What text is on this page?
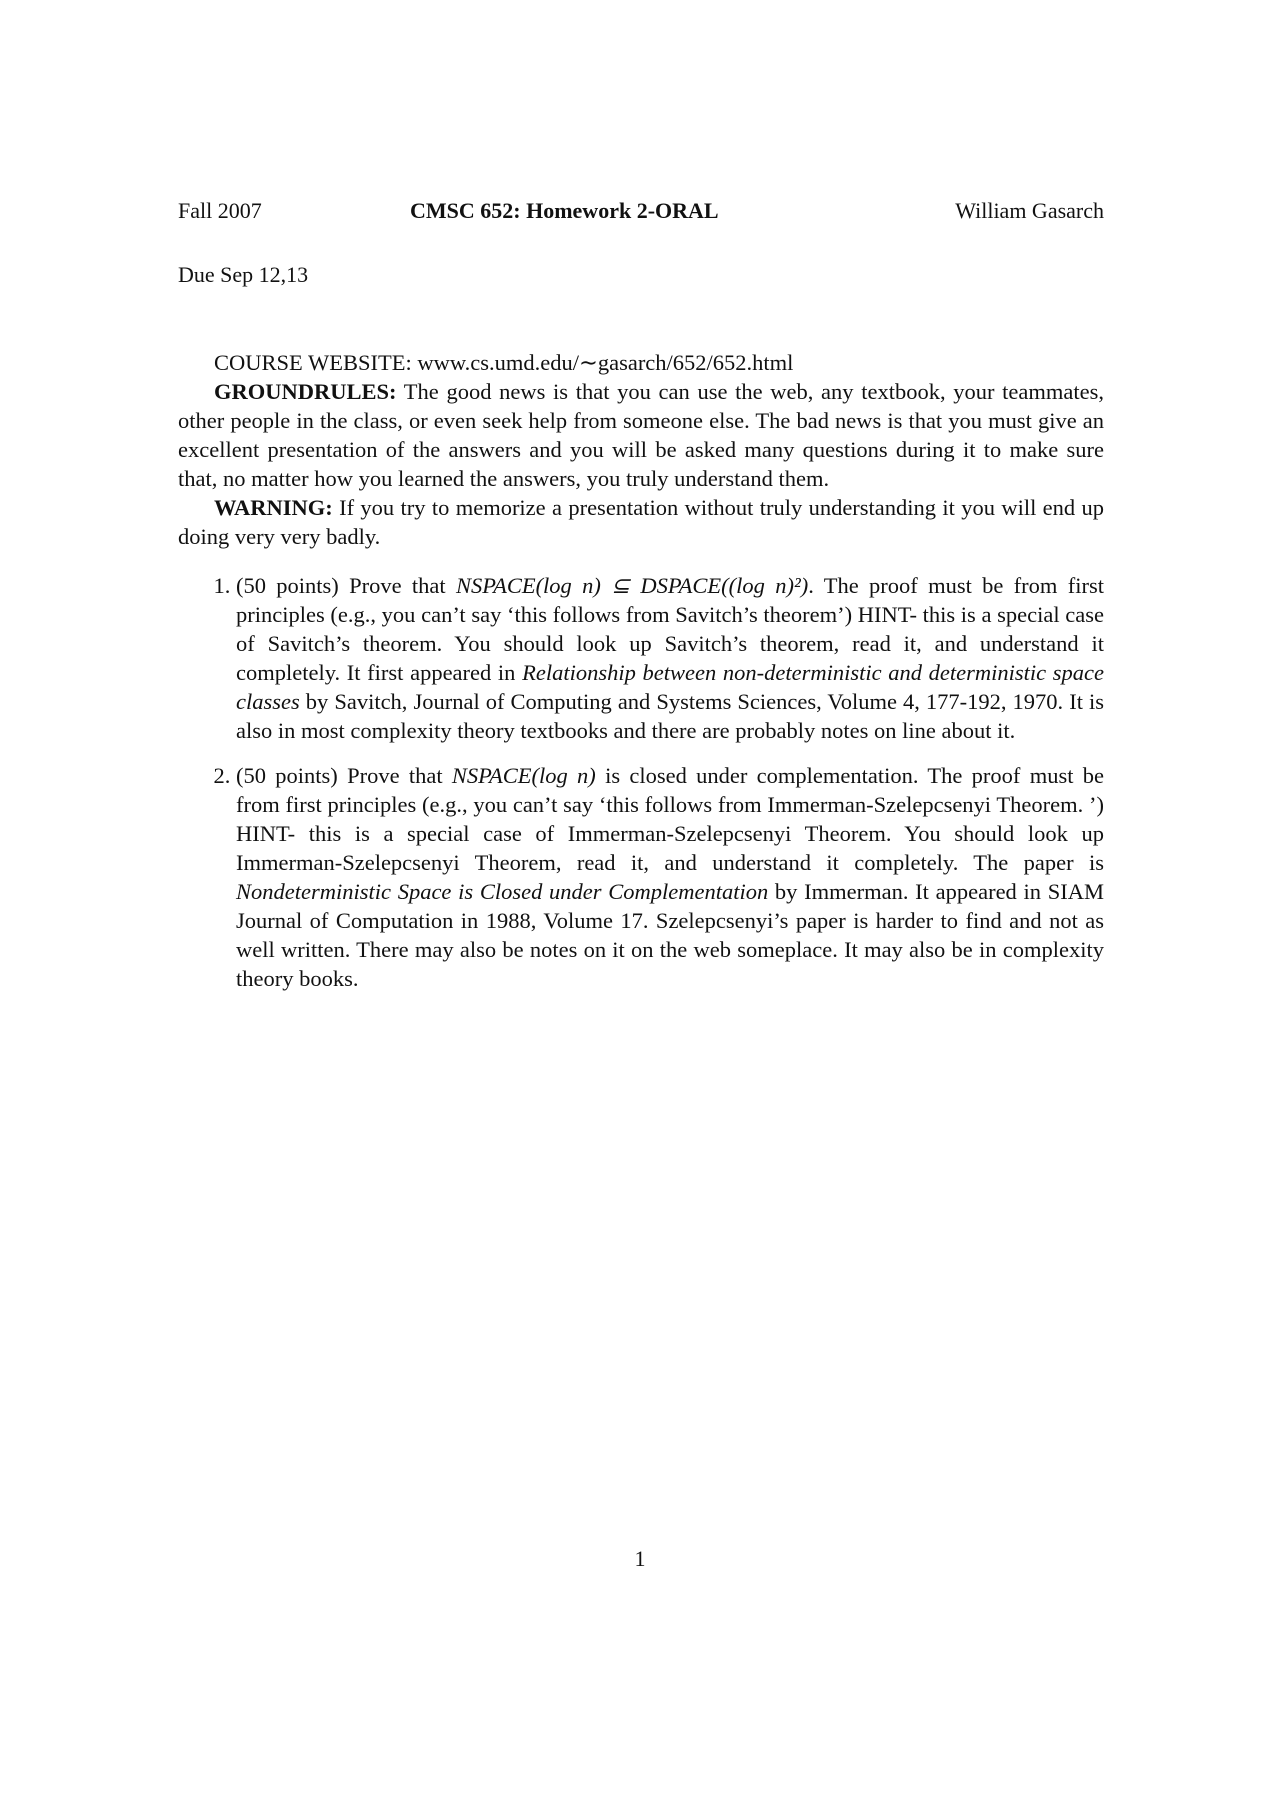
Fall 2007	CMSC 652: Homework 2-ORAL	William Gasarch
Due Sep 12,13

COURSE WEBSITE: www.cs.umd.edu/∼gasarch/652/652.html

GROUNDRULES: The good news is that you can use the web, any textbook, your teammates, other people in the class, or even seek help from someone else. The bad news is that you must give an excellent presentation of the answers and you will be asked many questions during it to make sure that, no matter how you learned the answers, you truly understand them.

WARNING: If you try to memorize a presentation without truly understanding it you will end up doing very very badly.

1. (50 points) Prove that NSPACE(log n) ⊆ DSPACE((log n)²). The proof must be from first principles (e.g., you can’t say ‘this follows from Savitch’s theorem’) HINT- this is a special case of Savitch’s theorem. You should look up Savitch’s theorem, read it, and understand it completely. It first appeared in Relationship between non-deterministic and deterministic space classes by Savitch, Journal of Computing and Systems Sciences, Volume 4, 177-192, 1970. It is also in most complexity theory textbooks and there are probably notes on line about it.
2. (50 points) Prove that NSPACE(log n) is closed under complementation. The proof must be from first principles (e.g., you can’t say ‘this follows from Immerman-Szelepcsenyi Theorem. ’) HINT- this is a special case of Immerman-Szelepcsenyi Theorem. You should look up Immerman-Szelepcsenyi Theorem, read it, and understand it completely. The paper is Nondeterministic Space is Closed under Complementation by Immerman. It appeared in SIAM Journal of Computation in 1988, Volume 17. Szelepcsenyi’s paper is harder to find and not as well written. There may also be notes on it on the web someplace. It may also be in complexity theory books.
1
